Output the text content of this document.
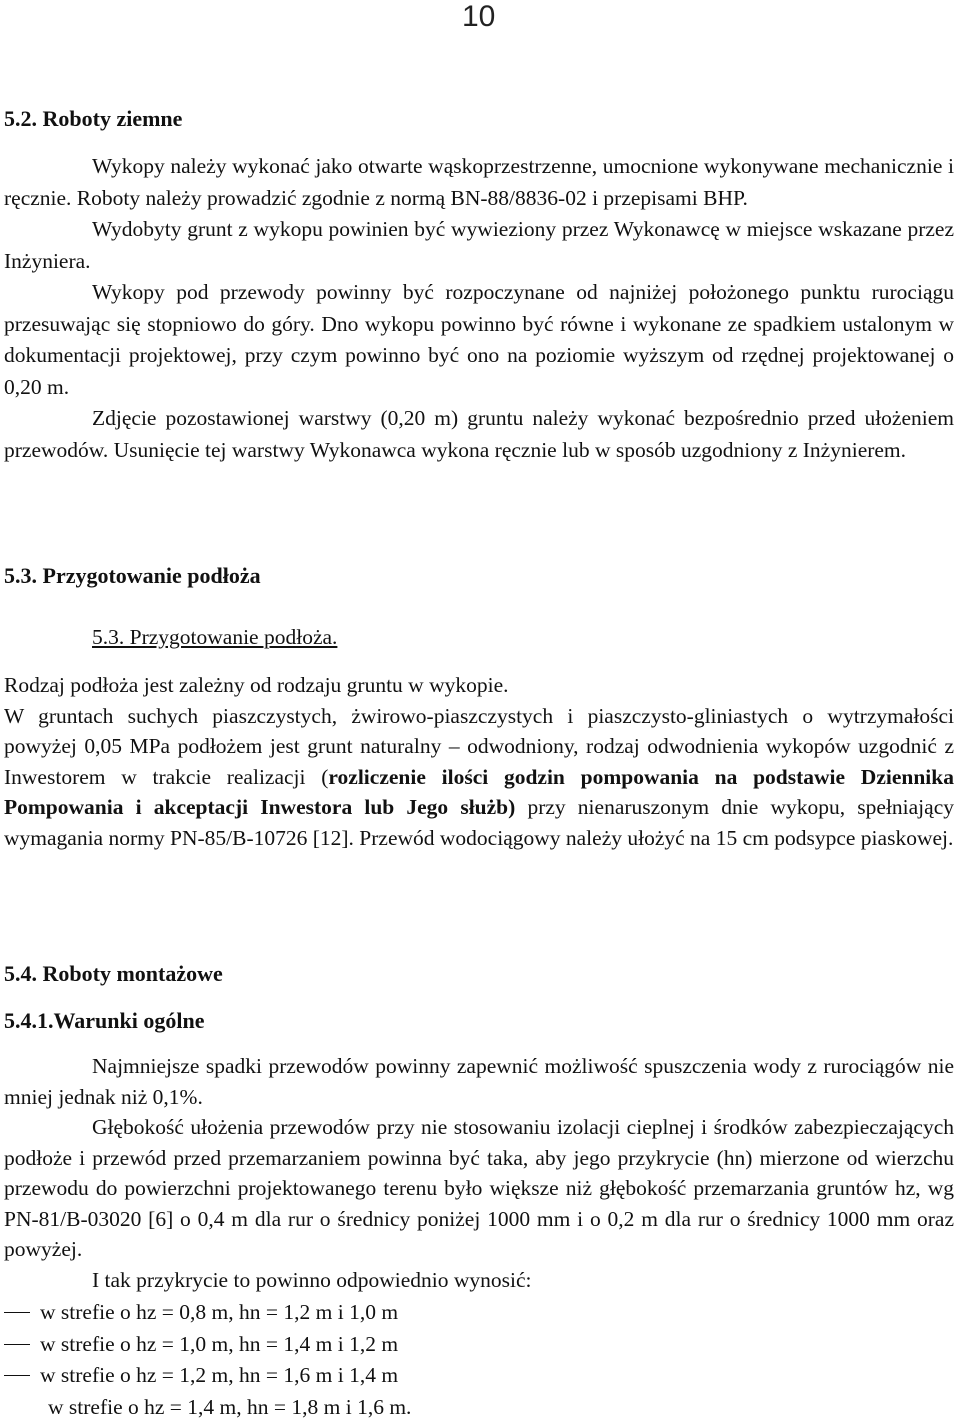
10
5.2. Roboty ziemne

Wykopy należy wykonać jako otwarte wąskoprzestrzenne, umocnione wykonywane mechanicznie i ręcznie. Roboty należy prowadzić zgodnie z normą BN-88/8836-02 i przepisami BHP.

Wydobyty grunt z wykopu powinien być wywieziony przez Wykonawcę w miejsce wskazane przez Inżyniera.

Wykopy pod przewody powinny być rozpoczynane od najniżej położonego punktu rurociągu przesuwając się stopniowo do góry. Dno wykopu powinno być równe i wykonane ze spadkiem ustalonym w dokumentacji projektowej, przy czym powinno być ono na poziomie wyższym od rzędnej projektowanej o 0,20 m.

Zdjęcie pozostawionej warstwy (0,20 m) gruntu należy wykonać bezpośrednio przed ułożeniem przewodów. Usunięcie tej warstwy Wykonawca wykona ręcznie lub w sposób uzgodniony z Inżynierem.

5.3. Przygotowanie podłoża
5.3. Przygotowanie podłoża.

Rodzaj podłoża jest zależny od rodzaju gruntu w wykopie.

W gruntach suchych piaszczystych, żwirowo-piaszczystych i piaszczysto-gliniastych o wytrzymałości powyżej 0,05 MPa podłożem jest grunt naturalny – odwodniony, rodzaj odwodnienia wykopów uzgodnić z Inwestorem w trakcie realizacji (rozliczenie ilości godzin pompowania na podstawie Dziennika Pompowania i akceptacji Inwestora lub Jego służb) przy nienaruszonym dnie wykopu, spełniający wymagania normy PN-85/B-10726 [12]. Przewód wodociągowy należy ułożyć na 15 cm podsypce piaskowej.

5.4. Roboty montażowe
5.4.1.Warunki ogólne

Najmniejsze spadki przewodów powinny zapewnić możliwość spuszczenia wody z rurociągów nie mniej jednak niż 0,1%.

Głębokość ułożenia przewodów przy nie stosowaniu izolacji cieplnej i środków zabezpieczających podłoże i przewód przed przemarzaniem powinna być taka, aby jego przykrycie (hn) mierzone od wierzchu przewodu do powierzchni projektowanego terenu było większe niż głębokość przemarzania gruntów hz, wg PN-81/B-03020 [6] o 0,4 m dla rur o średnicy poniżej 1000 mm i o 0,2 m dla rur o średnicy 1000 mm oraz powyżej.

I tak przykrycie to powinno odpowiednio wynosić:

w strefie o hz = 0,8 m, hn = 1,2 m i 1,0 m
w strefie o hz = 1,0 m, hn = 1,4 m i 1,2 m
w strefie o hz = 1,2 m, hn = 1,6 m i 1,4 m
w strefie o hz = 1,4 m, hn = 1,8 m i 1,6 m.
